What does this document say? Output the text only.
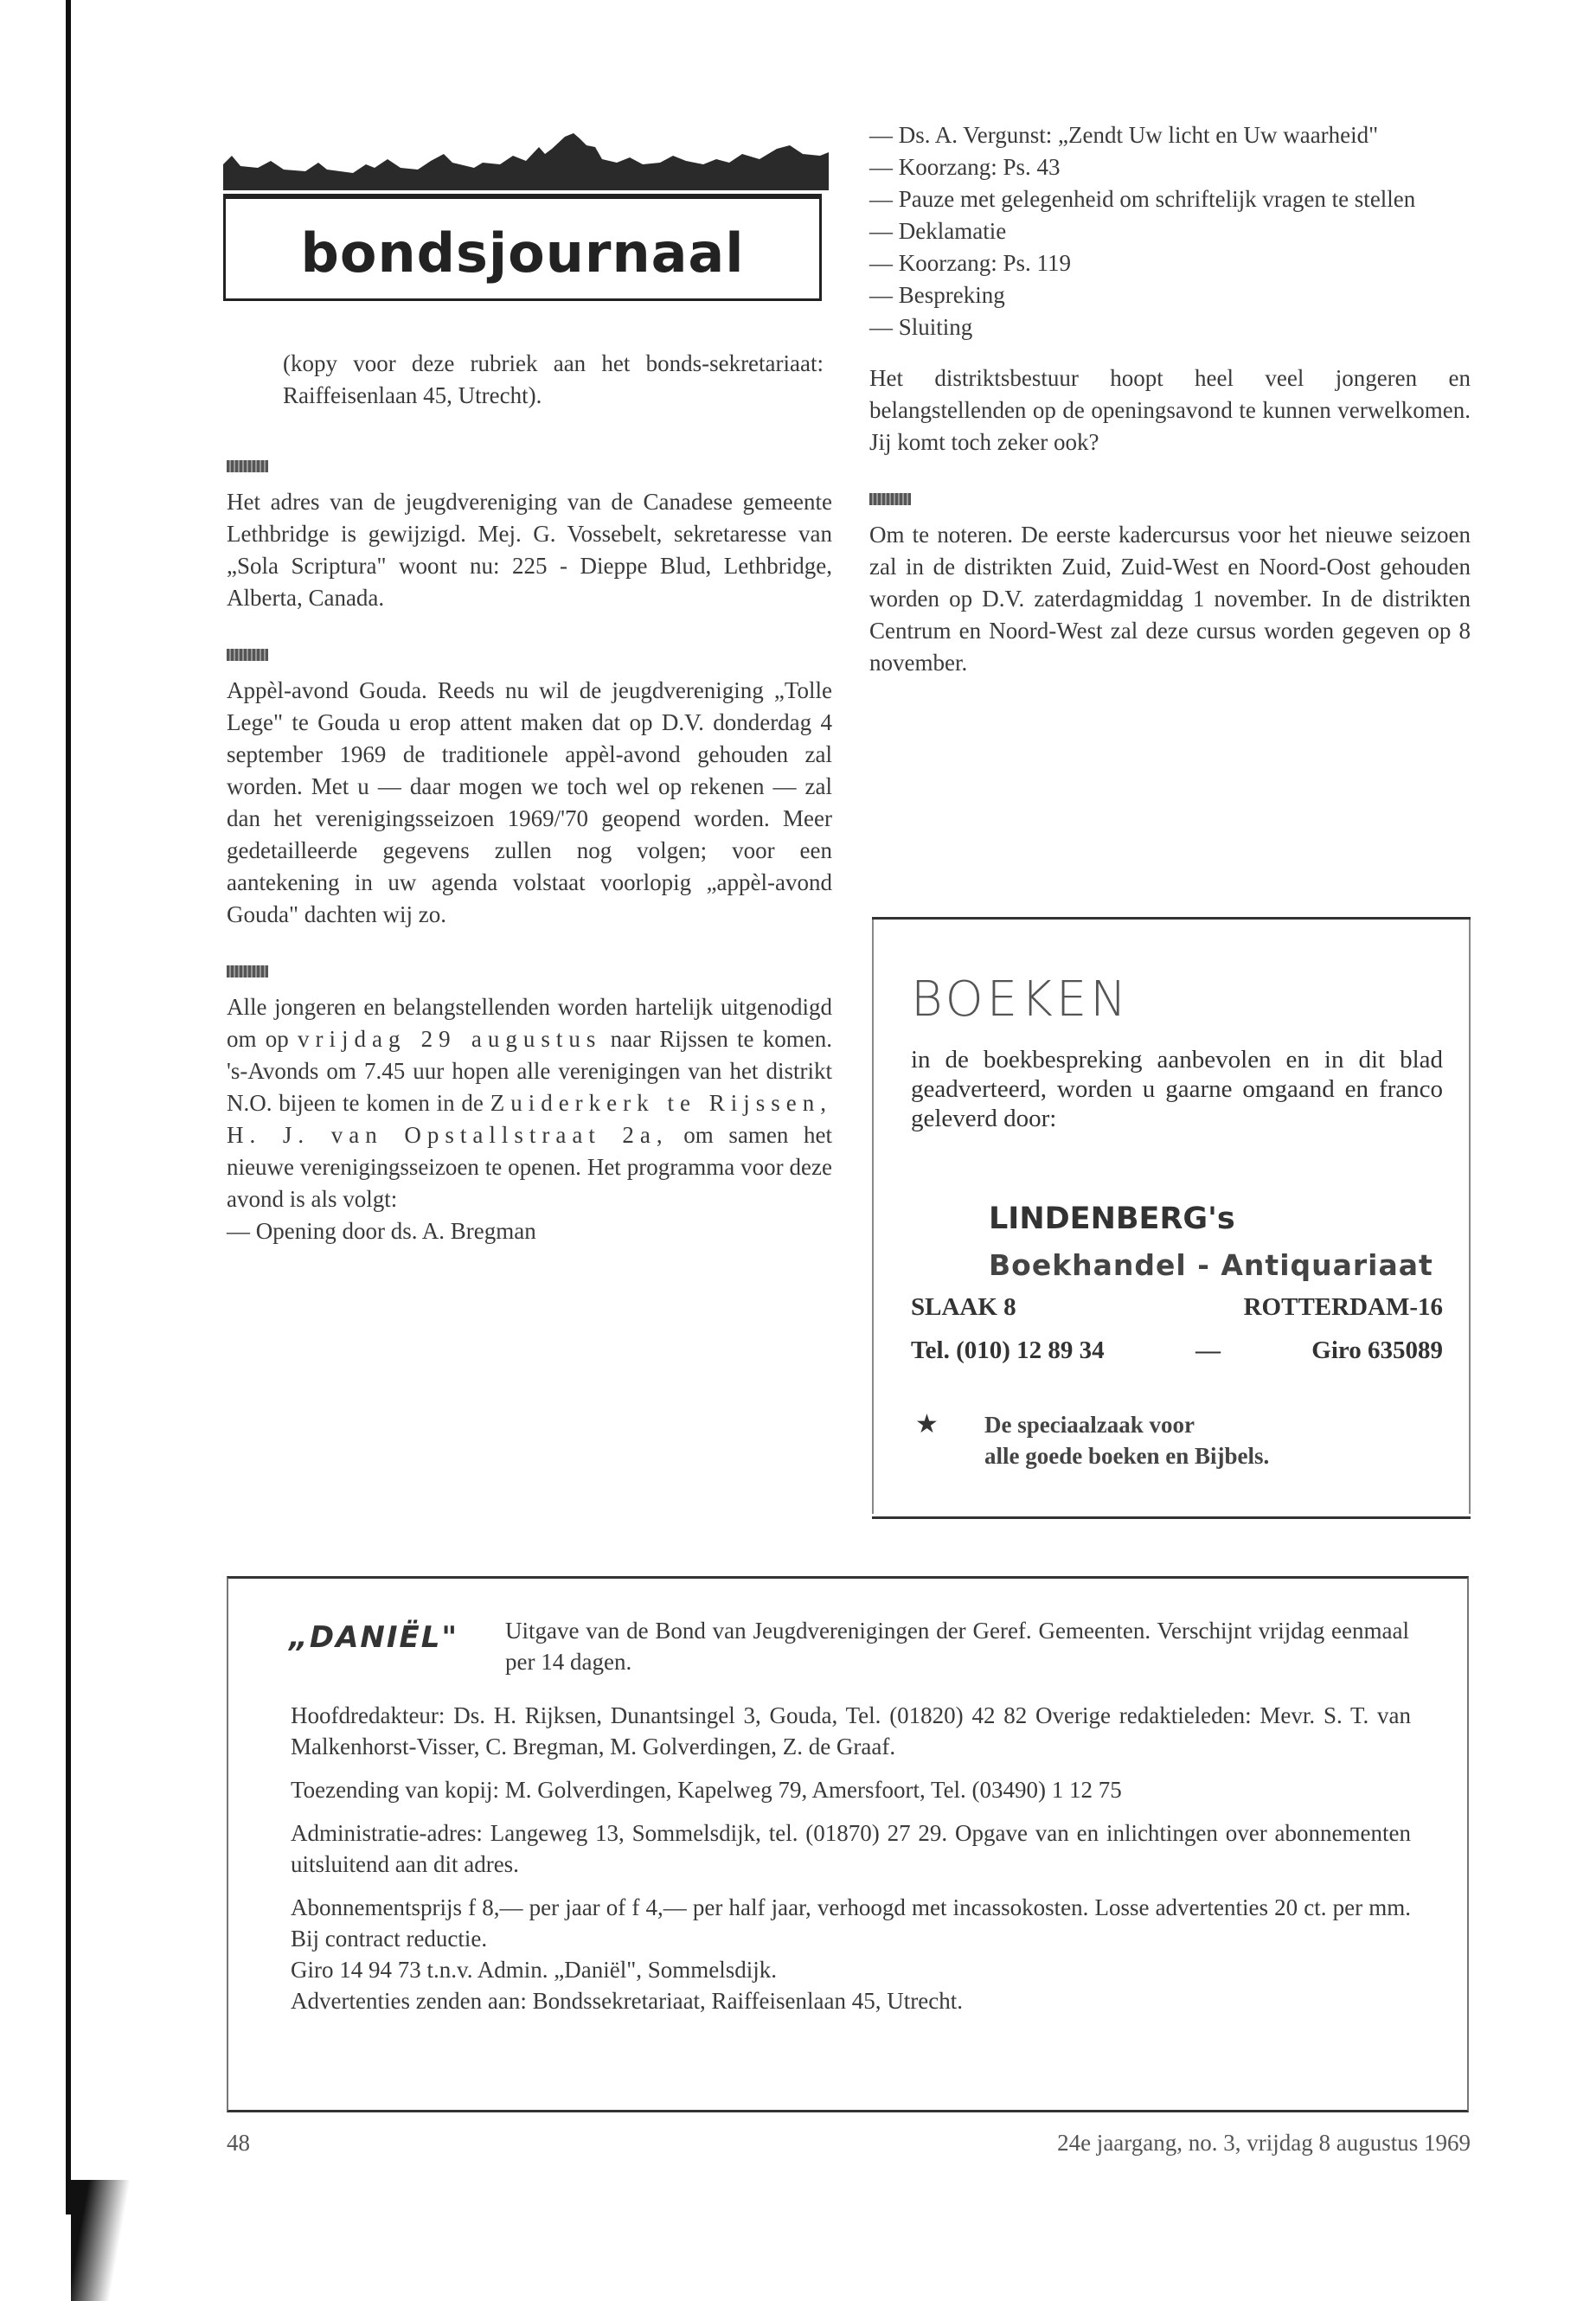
bondsjournaal

(kopy voor deze rubriek aan het bonds-sekretariaat: Raiffeisenlaan 45, Utrecht).

Het adres van de jeugdvereniging van de Canadese gemeente Lethbridge is gewijzigd. Mej. G. Vossebelt, sekretaresse van „Sola Scriptura" woont nu: 225 - Dieppe Blud, Lethbridge, Alberta, Canada.

Appèl-avond Gouda. Reeds nu wil de jeugdvereniging „Tolle Lege" te Gouda u erop attent maken dat op D.V. donderdag 4 september 1969 de traditionele appèl-avond gehouden zal worden. Met u — daar mogen we toch wel op rekenen — zal dan het verenigingsseizoen 1969/'70 geopend worden. Meer gedetailleerde gegevens zullen nog volgen; voor een aantekening in uw agenda volstaat voorlopig „appèl-avond Gouda" dachten wij zo.

Alle jongeren en belangstellenden worden hartelijk uitgenodigd om op vrijdag 29 augustus naar Rijssen te komen. 's-Avonds om 7.45 uur hopen alle verenigingen van het distrikt N.O. bijeen te komen in de Zuiderkerk te Rijssen, H. J. van Opstallstraat 2a, om samen het nieuwe verenigingsseizoen te openen. Het programma voor deze avond is als volgt:

— Opening door ds. A. Bregman

— Ds. A. Vergunst: „Zendt Uw licht en Uw waarheid"

— Koorzang: Ps. 43

— Pauze met gelegenheid om schriftelijk vragen te stellen

— Deklamatie

— Koorzang: Ps. 119

— Bespreking

— Sluiting

Het distriktsbestuur hoopt heel veel jongeren en belangstellenden op de openingsavond te kunnen verwelkomen. Jij komt toch zeker ook?

Om te noteren. De eerste kadercursus voor het nieuwe seizoen zal in de distrikten Zuid, Zuid-West en Noord-Oost gehouden worden op D.V. zaterdagmiddag 1 november. In de distrikten Centrum en Noord-West zal deze cursus worden gegeven op 8 november.

BOEKEN

in de boekbespreking aanbevolen en in dit blad geadverteerd, worden u gaarne omgaand en franco geleverd door:

LINDENBERG's
Boekhandel - Antiquariaat
SLAAK 8	ROTTERDAM-16
Tel. (010) 12 89 34	—	Giro 635089
★ De speciaalzaak voor
alle goede boeken en Bijbels.
„DANIËL" Uitgave van de Bond van Jeugdverenigingen der Geref. Gemeenten. Verschijnt vrijdag eenmaal per 14 dagen.

Hoofdredakteur: Ds. H. Rijksen, Dunantsingel 3, Gouda, Tel. (01820) 42 82 Overige redaktieleden: Mevr. S. T. van Malkenhorst-Visser, C. Bregman, M. Golverdingen, Z. de Graaf.

Toezending van kopij: M. Golverdingen, Kapelweg 79, Amersfoort, Tel. (03490) 1 12 75

Administratie-adres: Langeweg 13, Sommelsdijk, tel. (01870) 27 29. Opgave van en inlichtingen over abonnementen uitsluitend aan dit adres.

Abonnementsprijs f 8,— per jaar of f 4,— per half jaar, verhoogd met incassokosten. Losse advertenties 20 ct. per mm. Bij contract reductie.

Giro 14 94 73 t.n.v. Admin. „Daniël", Sommelsdijk.

Advertenties zenden aan: Bondssekretariaat, Raiffeisenlaan 45, Utrecht.

48	24e jaargang, no. 3, vrijdag 8 augustus 1969
